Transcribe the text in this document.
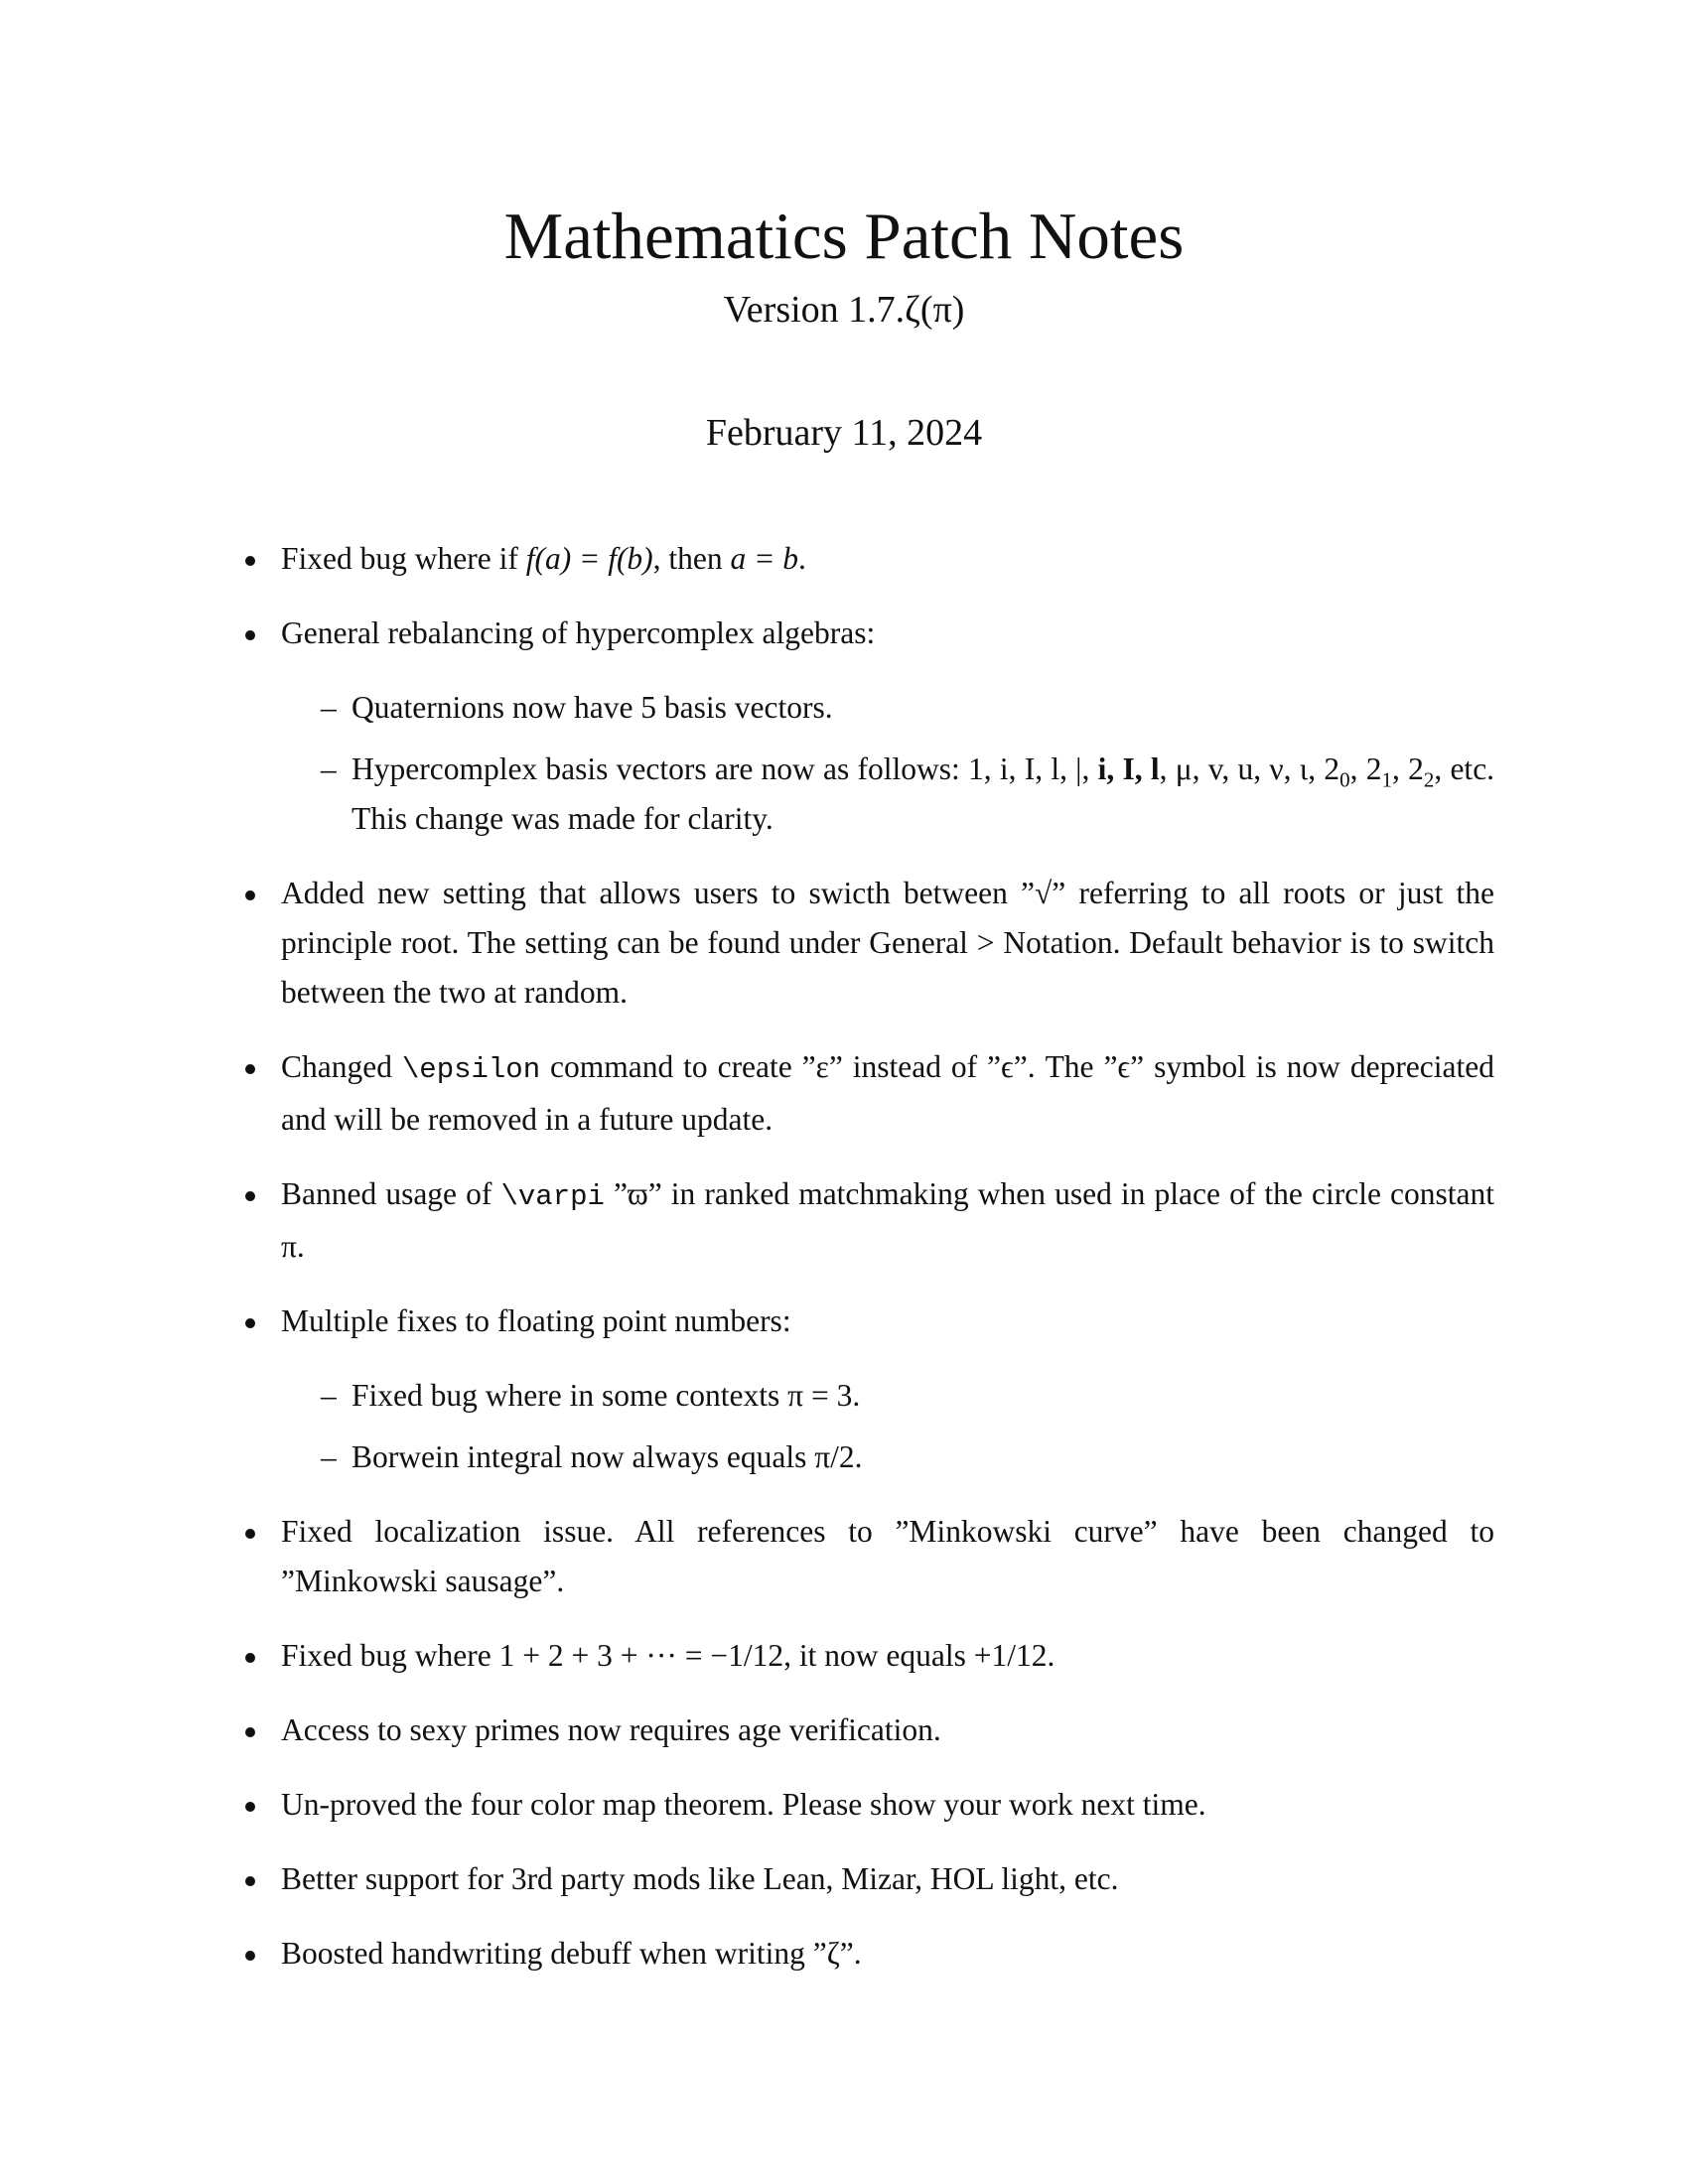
Mathematics Patch Notes
Version 1.7.ζ(π)
February 11, 2024
Fixed bug where if f(a) = f(b), then a = b.
General rebalancing of hypercomplex algebras:
– Quaternions now have 5 basis vectors.
– Hypercomplex basis vectors are now as follows: 1, i, I, l, |, i, I, l, μ, v, u, ν, ι, $2_0$, $2_1$, $2_2$, etc. This change was made for clarity.
Added new setting that allows users to swicth between ”√” referring to all roots or just the principle root. The setting can be found under General > Notation. Default behavior is to switch between the two at random.
Changed \epsilon command to create ”ε” instead of ”ϵ”. The ”ϵ” symbol is now depreciated and will be removed in a future update.
Banned usage of \varpi ”ϖ” in ranked matchmaking when used in place of the circle constant π.
Multiple fixes to floating point numbers:
– Fixed bug where in some contexts π = 3.
– Borwein integral now always equals π/2.
Fixed localization issue. All references to ”Minkowski curve” have been changed to ”Minkowski sausage”.
Fixed bug where 1 + 2 + 3 + ··· = −1/12, it now equals +1/12.
Access to sexy primes now requires age verification.
Un-proved the four color map theorem. Please show your work next time.
Better support for 3rd party mods like Lean, Mizar, HOL light, etc.
Boosted handwriting debuff when writing ”ζ”.
